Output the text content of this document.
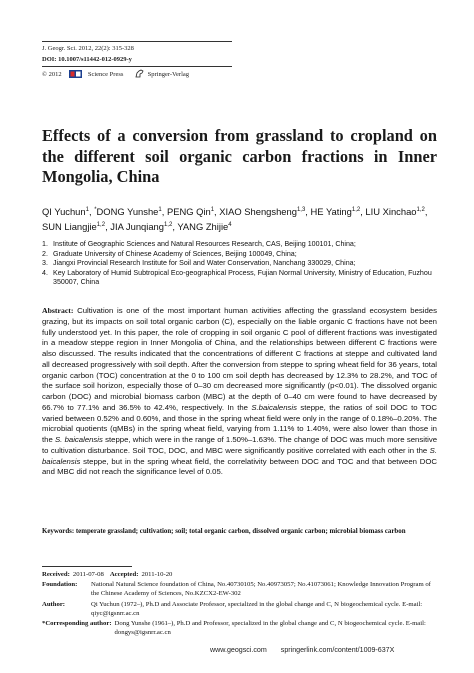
J. Geogr. Sci. 2012, 22(2): 315-328
DOI: 10.1007/s11442-012-0929-y
© 2012	Science Press	Springer-Verlag
Effects of a conversion from grassland to cropland on the different soil organic carbon fractions in Inner Mongolia, China
QI Yuchun$^1$, *DONG Yunshe$^1$, PENG Qin$^1$, XIAO Shengsheng$^{1,3}$, HE Yating$^{1,2}$, LIU Xinchao$^{1,2}$, SUN Liangjie$^{1,2}$, JIA Junqiang$^{1,2}$, YANG Zhijie$^4$
1. Institute of Geographic Sciences and Natural Resources Research, CAS, Beijing 100101, China;
2. Graduate University of Chinese Academy of Sciences, Beijing 100049, China;
3. Jiangxi Provincial Research Institute for Soil and Water Conservation, Nanchang 330029, China;
4. Key Laboratory of Humid Subtropical Eco-geographical Process, Fujian Normal University, Ministry of Education, Fuzhou 350007, China
Abstract: Cultivation is one of the most important human activities affecting the grassland ecosystem besides grazing, but its impacts on soil total organic carbon (C), especially on the liable organic C fractions have not been fully understood yet. In this paper, the role of cropping in soil organic C pool of different fractions was investigated in a meadow steppe region in Inner Mongolia of China, and the relationships between different C fractions were also discussed. The results indicated that the concentrations of different C fractions at steppe and cultivated land all decreased progressively with soil depth. After the conversion from steppe to spring wheat field for 36 years, total organic carbon (TOC) concentration at the 0 to 100 cm soil depth has decreased by 12.3% to 28.2%, and TOC of the surface soil horizon, especially those of 0–30 cm decreased more significantly (p<0.01). The dissolved organic carbon (DOC) and microbial biomass carbon (MBC) at the depth of 0–40 cm were found to have decreased by 66.7% to 77.1% and 36.5% to 42.4%, respectively. In the S.baicalensis steppe, the ratios of soil DOC to TOC varied between 0.52% and 0.60%, and those in the spring wheat field were only in the range of 0.18%–0.20%. The microbial quotients (qMBs) in the spring wheat field, varying from 1.11% to 1.40%, were also lower than those in the S. baicalensis steppe, which were in the range of 1.50%–1.63%. The change of DOC was much more sensitive to cultivation disturbance. Soil TOC, DOC, and MBC were significantly positive correlated with each other in the S. baicalensis steppe, but in the spring wheat field, the correlativity between DOC and TOC and that between DOC and MBC did not reach the significance level of 0.05.
Keywords: temperate grassland; cultivation; soil; total organic carbon, dissolved organic carbon; microbial biomass carbon
Received: 2011-07-08 Accepted: 2011-10-20
Foundation:	National Natural Science foundation of China, No.40730105; No.40973057; No.41073061; Knowledge Innovation Program of the Chinese Academy of Sciences, No.KZCX2-EW-302
Author:	Qi Yuchun (1972–), Ph.D and Associate Professor, specialized in the global change and C, N biogeochemical cycle. E-mail: qiyc@igsnrr.ac.cn
*Corresponding author: Dong Yunshe (1961–), Ph.D and Professor, specialized in the global change and C, N biogeochemical cycle. E-mail: dongys@igsnrr.ac.cn
www.geogsci.com springerlink.com/content/1009-637X
